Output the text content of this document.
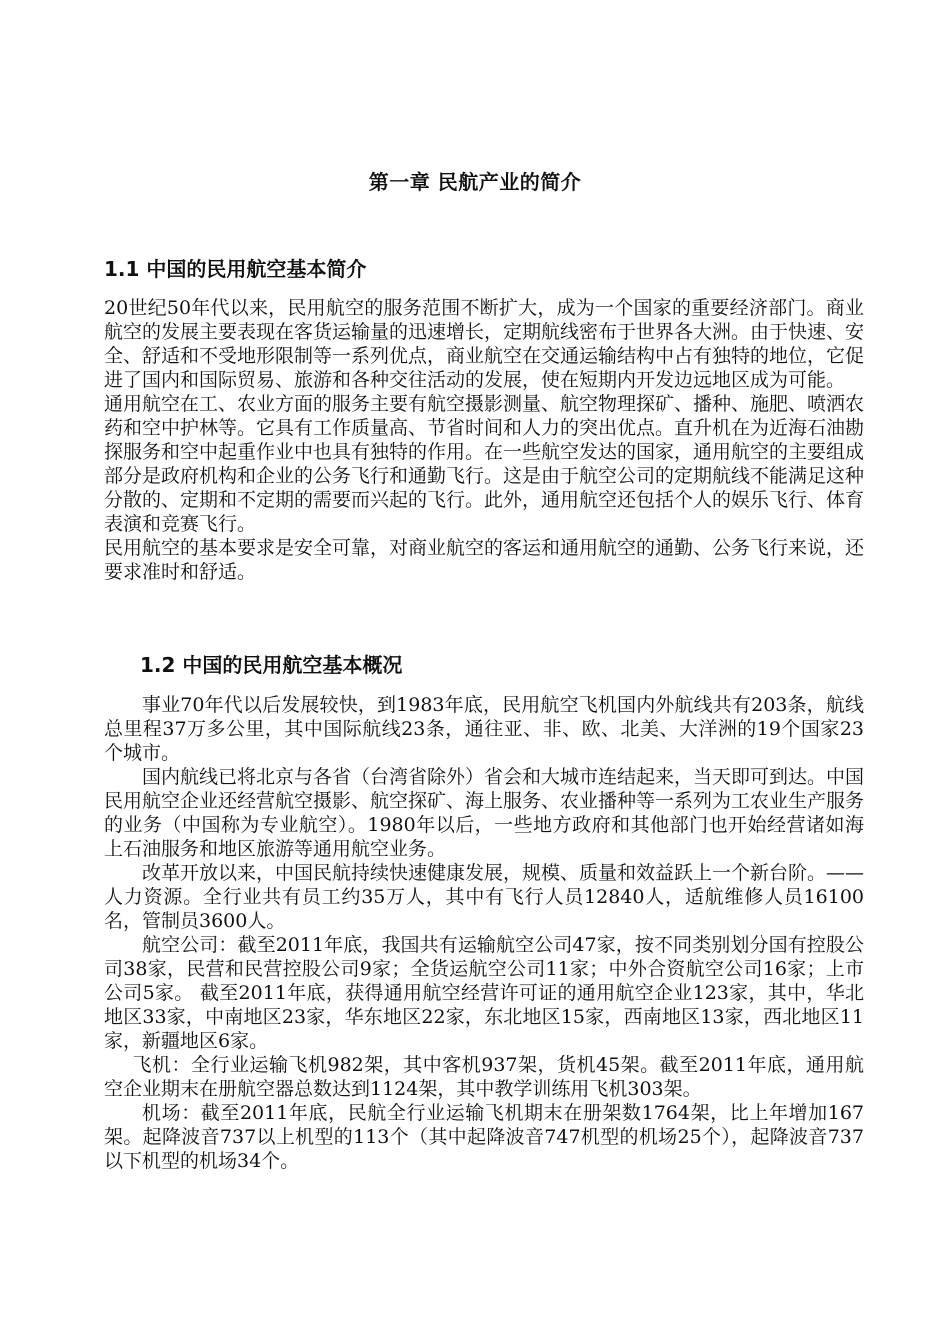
第一章 民航产业的简介
1.1 中国的民用航空基本简介

20世纪50年代以来，民用航空的服务范围不断扩大，成为一个国家的重要经济部门。商业航空的发展主要表现在客货运输量的迅速增长，定期航线密布于世界各大洲。由于快速、安全、舒适和不受地形限制等一系列优点，商业航空在交通运输结构中占有独特的地位，它促进了国内和国际贸易、旅游和各种交往活动的发展，使在短期内开发边远地区成为可能。

通用航空在工、农业方面的服务主要有航空摄影测量、航空物理探矿、播种、施肥、喷洒农药和空中护林等。它具有工作质量高、节省时间和人力的突出优点。直升机在为近海石油勘探服务和空中起重作业中也具有独特的作用。在一些航空发达的国家，通用航空的主要组成部分是政府机构和企业的公务飞行和通勤飞行。这是由于航空公司的定期航线不能满足这种分散的、定期和不定期的需要而兴起的飞行。此外，通用航空还包括个人的娱乐飞行、体育表演和竞赛飞行。

民用航空的基本要求是安全可靠，对商业航空的客运和通用航空的通勤、公务飞行来说，还要求准时和舒适。

1.2 中国的民用航空基本概况

事业70年代以后发展较快，到1983年底，民用航空飞机国内外航线共有203条，航线总里程37万多公里，其中国际航线23条，通往亚、非、欧、北美、大洋洲的19个国家23个城市。

国内航线已将北京与各省（台湾省除外）省会和大城市连结起来，当天即可到达。中国民用航空企业还经营航空摄影、航空探矿、海上服务、农业播种等一系列为工农业生产服务的业务（中国称为专业航空）。1980年以后，一些地方政府和其他部门也开始经营诸如海上石油服务和地区旅游等通用航空业务。

改革开放以来，中国民航持续快速健康发展，规模、质量和效益跃上一个新台阶。——人力资源。全行业共有员工约35万人，其中有飞行人员12840人，适航维修人员16100名，管制员3600人。

航空公司：截至2011年底，我国共有运输航空公司47家，按不同类别划分国有控股公司38家，民营和民营控股公司9家；全货运航空公司11家；中外合资航空公司16家；上市公司5家。 截至2011年底，获得通用航空经营许可证的通用航空企业123家，其中，华北地区33家，中南地区23家，华东地区22家，东北地区15家，西南地区13家，西北地区11家，新疆地区6家。

飞机：全行业运输飞机982架，其中客机937架，货机45架。截至2011年底，通用航空企业期末在册航空器总数达到1124架，其中教学训练用飞机303架。

机场：截至2011年底，民航全行业运输飞机期末在册架数1764架，比上年增加167架。起降波音737以上机型的113个（其中起降波音747机型的机场25个），起降波音737以下机型的机场34个。
